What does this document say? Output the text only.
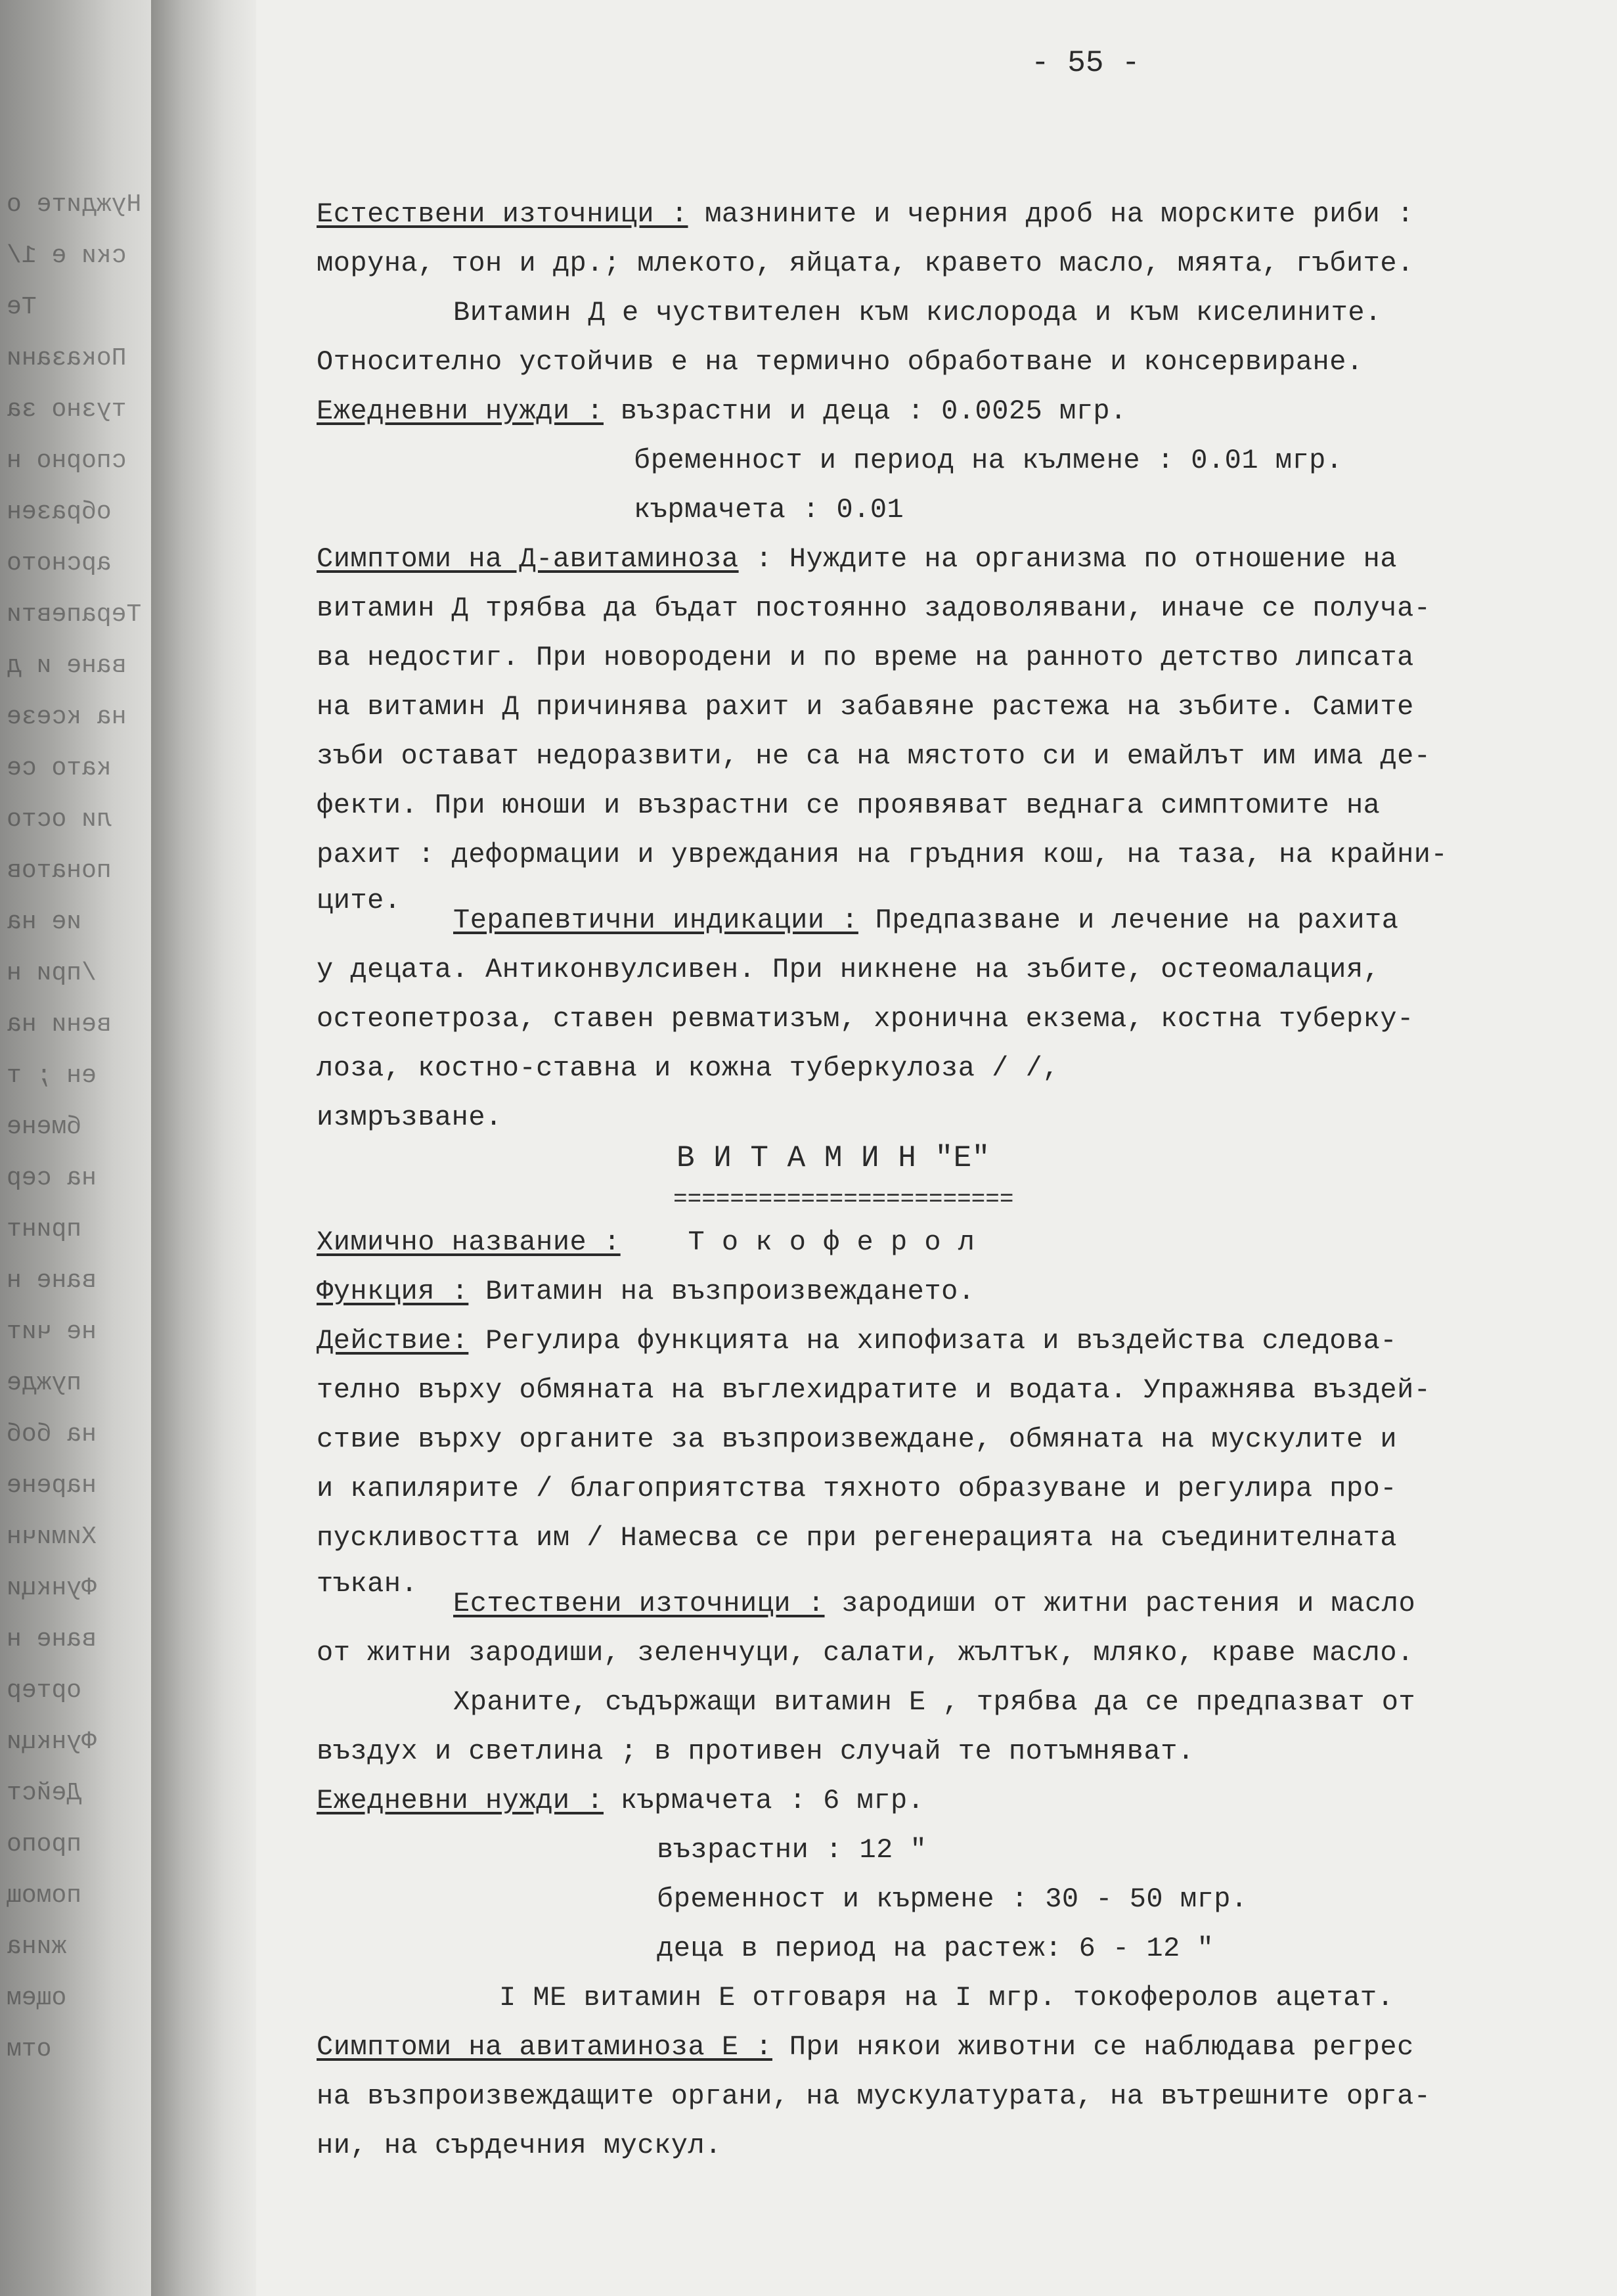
Нуждите о
ски е 1/
Те
Показани
тузно за
спорно н
образен
арсното
Терапевти
ване и д
на ксезе
като се
ли осто
понатов
ие на
/при н
вени на
ен ; т
бмене
на сер
принт
ване н
не чит
пужде
на боб
нарене
Химичн
Функци
ване н
ортер
Функци
Дейст
пропо
помощ
жина
ощем
отм
- 55 -
Естествени източници : мазнините и черния дроб на морските риби :
моруна, тон и др.; млекото, яйцата, кравето масло, мяята, гъбите.
Витамин Д е чуствителен към кислорода и към киселините.
Относително устойчив е на термично обработване и консервиране.
Ежедневни нужди : възрастни и деца : 0.0025 мгр.
бременност и период на кълмене : 0.01 мгр.
кърмачета : 0.01
Симптоми на Д-авитаминоза : Нуждите на организма по отношение на
витамин Д трябва да бъдат постоянно задоволявани, иначе се получа-
ва недостиг. При новородени и по време на ранното детство липсата
на витамин Д причинява рахит и забавяне растежа на зъбите. Самите
зъби остават недоразвити, не са на мястото си и емайлът им има де-
фекти. При юноши и възрастни се проявяват веднага симптомите на
рахит : деформации и увреждания на гръдния кош, на таза, на крайни-
ците.
Терапевтични индикации : Предпазване и лечение на рахита
у децата. Антиконвулсивен. При никнене на зъбите, остеомалация,
остеопетроза, ставен ревматизъм, хронична екзема, костна туберку-
лоза, костно-ставна и кожна туберкулоза / /,
измръзване.
В И Т А М И Н "Е"
========================
Химично название : Т о к о ф е р о л
Функция : Витамин на възпроизвеждането.
Действие: Регулира функцията на хипофизата и въздейства следова-
телно върху обмяната на въглехидратите и водата. Упражнява въздей-
ствие върху органите за възпроизвеждане, обмяната на мускулите и
и капилярите / благоприятства тяхното образуване и регулира про-
пускливостта им / Намесва се при регенерацията на съединителната
тъкан.
Естествени източници : зародиши от житни растения и масло
от житни зародиши, зеленчуци, салати, жълтък, мляко, краве масло.
Храните, съдържащи витамин Е , трябва да се предпазват от
въздух и светлина ; в противен случай те потъмняват.
Ежедневни нужди : кърмачета : 6 мгр.
възрастни : 12 "
бременност и кърмене : 30 - 50 мгр.
деца в период на растеж: 6 - 12 "
I МЕ витамин Е отговаря на I мгр. токоферолов ацетат.
Симптоми на авитаминоза Е : При някои животни се наблюдава регрес
на възпроизвеждащите органи, на мускулатурата, на вътрешните орга-
ни, на сърдечния мускул.
